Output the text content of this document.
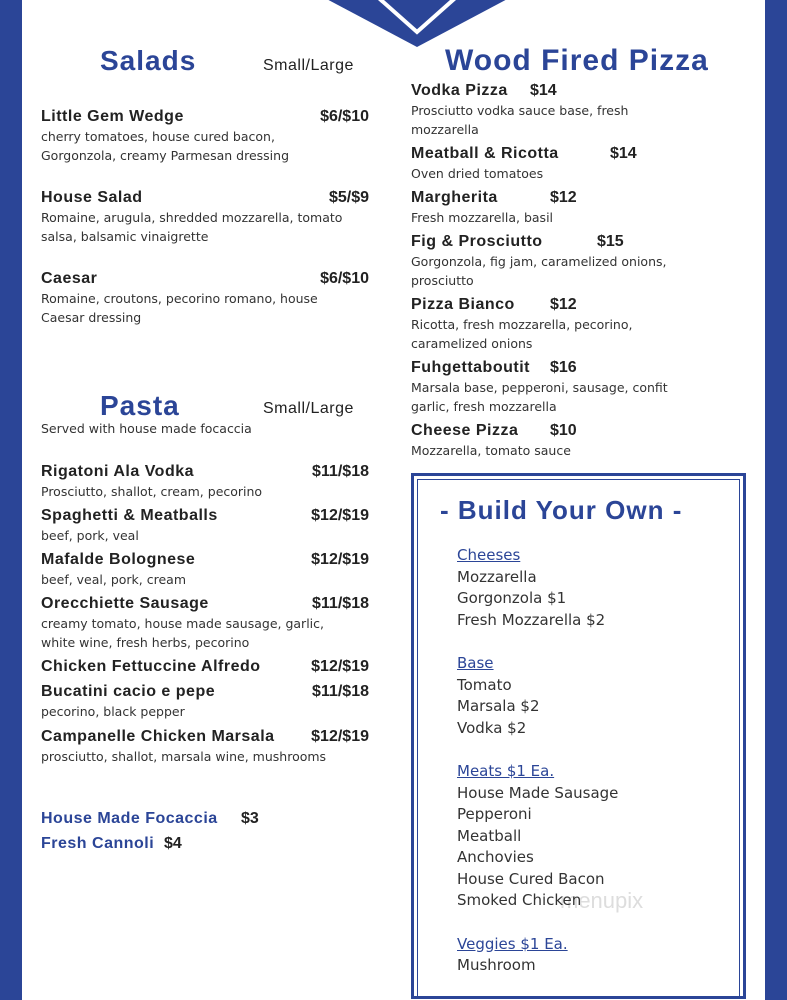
Salads	Small/Large
Little Gem Wedge	$6/$10
cherry tomatoes, house cured bacon,
Gorgonzola, creamy Parmesan dressing
House Salad	$5/$9
Romaine, arugula, shredded mozzarella, tomato
salsa, balsamic vinaigrette
Caesar	$6/$10
Romaine, croutons, pecorino romano, house
Caesar dressing
Pasta	Small/Large
Served with house made focaccia
Rigatoni Ala Vodka	$11/$18
Prosciutto, shallot, cream, pecorino
Spaghetti & Meatballs	$12/$19
beef, pork, veal
Mafalde Bolognese	$12/$19
beef, veal, pork, cream
Orecchiette Sausage	$11/$18
creamy tomato, house made sausage, garlic,
white wine, fresh herbs, pecorino
Chicken Fettuccine Alfredo	$12/$19
Bucatini cacio e pepe	$11/$18
pecorino, black pepper
Campanelle Chicken Marsala	$12/$19
prosciutto, shallot, marsala wine, mushrooms
House Made Focaccia $3
Fresh Cannoli $4
Wood Fired Pizza
Vodka Pizza $14
Prosciutto vodka sauce base, fresh
mozzarella
Meatball & Ricotta	$14
Oven dried tomatoes
Margherita	$12
Fresh mozzarella, basil
Fig & Prosciutto	$15
Gorgonzola, fig jam, caramelized onions,
prosciutto
Pizza Bianco $12
Ricotta, fresh mozzarella, pecorino,
caramelized onions
Fuhgettaboutit $16
Marsala base, pepperoni, sausage, confit
garlic, fresh mozzarella
Cheese Pizza $10
Mozzarella, tomato sauce
- Build Your Own -
Cheeses
Mozzarella
Gorgonzola $1
Fresh Mozzarella $2
Base
Tomato
Marsala $2
Vodka $2
Meats $1 Ea.
House Made Sausage
Pepperoni
Meatball
Anchovies
House Cured Bacon
Smoked Chicken
Veggies $1 Ea.
Mushroom
menupix
